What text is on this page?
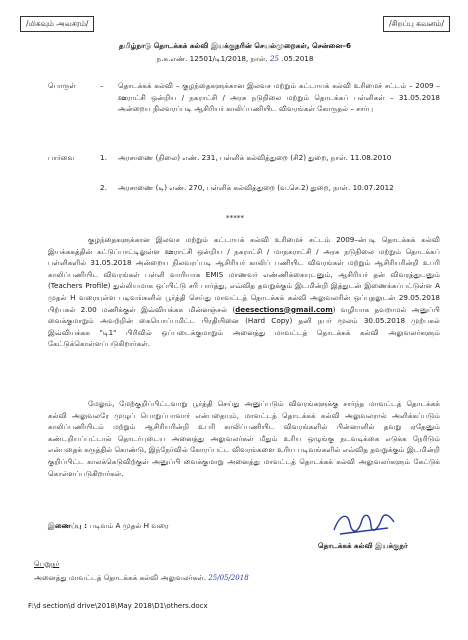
/மிகவும் அவசரம்/	/சிறப்பு கவனம்/
தமிழ்நாடு தொடக்கக் கல்வி இயக்குநரின் செயல்முறைகள், சென்னை–6
ந.க.எண். 12501/டி1/2018, நாள். 25 .05.2018
பொருள்	– தொடக்கக் கல்வி – குழந்தைகளுக்கான இலவச மற்றும் கட்டாயக் கல்வி உரிமைச் சட்டம் – 2009 – ஊராட்சி ஒன்றிய / நகராட்சி / அரசு நடுநிலை மற்றும் தொடக்கப் பள்ளிகள் – 31.05.2018 அன்றைய நிலவரப்படி ஆசிரியர் காலிப்பணியிட விவரங்கள் கோருதல் – சார்பு
பார்வை	1. அரசாணை (நிலை) எண். 231, பள்ளிக் கல்வித்துறை (சி2) துறை, நாள். 11.08.2010
2. அரசாணை (டி) எண். 270, பள்ளிக் கல்வித்துறை (வ.செ.2) துறை, நாள். 10.07.2012
*****
குழந்தைகளுக்கான இலவச மற்றும் கட்டாயக் கல்வி உரிமைச் சட்டம் 2009–ன்படி தொடக்கக் கல்வி இயக்ககத்தின் கட்டுப்பாட்டிலுள்ள ஊராட்சி ஒன்றிய / நகராட்சி / மாநகராட்சி / அரசு நடுநிலை மற்றும் தொடக்கப் பள்ளிகளில் 31.05.2018 அன்றைய நிலவரப்படி ஆசிரியர் காலிப் பணியிட விவரங்கள் மற்றும் ஆசிரியரின்றி உபரி காலிப்பணியிட விவரங்கள் பள்ளி வாரியாக EMIS மாணவர் எண்ணிக்கையுடனும், ஆசிரியர் தன் விவரத்துடனும் (Teachers Profile) துல்லியமாக ஒப்பிட்டு சரி பார்த்து, எவ்வித தவறுக்கும் இடமின்றி இத்துடன் இணைக்கப்பட்டுள்ள A முதல் H வரையுள்ள படிவங்களில் பூர்த்தி செய்து மாவட்டத் தொடக்கக் கல்வி அலுவலரின் ஒப்புதலுடன் 29.05.2018 பிற்பகல் 2.00 மணிக்குள் இவ்வியக்கக மின்னஞ்சல் (deesections@gmail.com) வழியாக தவறாமல் அனுப்பி வைக்குமாறும் அவற்றின் கையொப்பமிட்ட பிரதியினை (Hard Copy) தனி நபர் மூலம் 30.05.2018 முற்பகல் இவ்வியக்கக "டி1" பிரிவில் ஒப்படைக்குமாறும் அனைத்து மாவட்டத் தொடக்கக் கல்வி அலுவலர்களும் கேட்டுக்கொள்ளப்படுகிறார்கள்.
மேலும், மேற்குறிப்பிட்டவாறு பூர்த்தி செய்து அனுப்படும் விவரங்களுக்கு சார்ந்த மாவட்டத் தொடக்கக் கல்வி அலுவலரே முழுப் பொறுப்பாவார் என்பதையும், மாவட்டத் தொடக்கக் கல்வி அலுவலரால் அளிக்கப்படும் காலிப்பணியிடம் மற்றும் ஆசிரியரின்றி உபரி காலிப்பணியிட விவரங்களில் பின்னாளில் தவறு ஏதேனும் கண்டறியப்பட்டால் தொடர்புடைய அனைத்து அலுவலர்கள் மீதும் உரிய ஒழுங்கு நடவடிக்கை எடுக்க நேரிடும் என்பதைக் கருத்தில் கொண்டு, இந்நேர்வில் கோரப்பட்ட விவரங்களை உரிய படிவங்களில் எவ்வித தவறுக்கும் இடமின்றி குறிப்பிட்ட காலக்கெடுவிற்குள் அனுப்பி வைக்குமாறு அனைத்து மாவட்டத் தொடக்கக் கல்வி அலுவலர்களும் கேட்டுக் கொள்ளப்படுகிறார்கள்.
இணைப்பு : படிவம் A முதல் H வரை
தொடக்கக் கல்வி இயக்குநர்
பெறுநர்
அனைத்து மாவட்டத் தொடக்கக் கல்வி அலுவலர்கள். 25/05/2018
F:\d section\d drive\2018\May 2018\D1\others.docx
